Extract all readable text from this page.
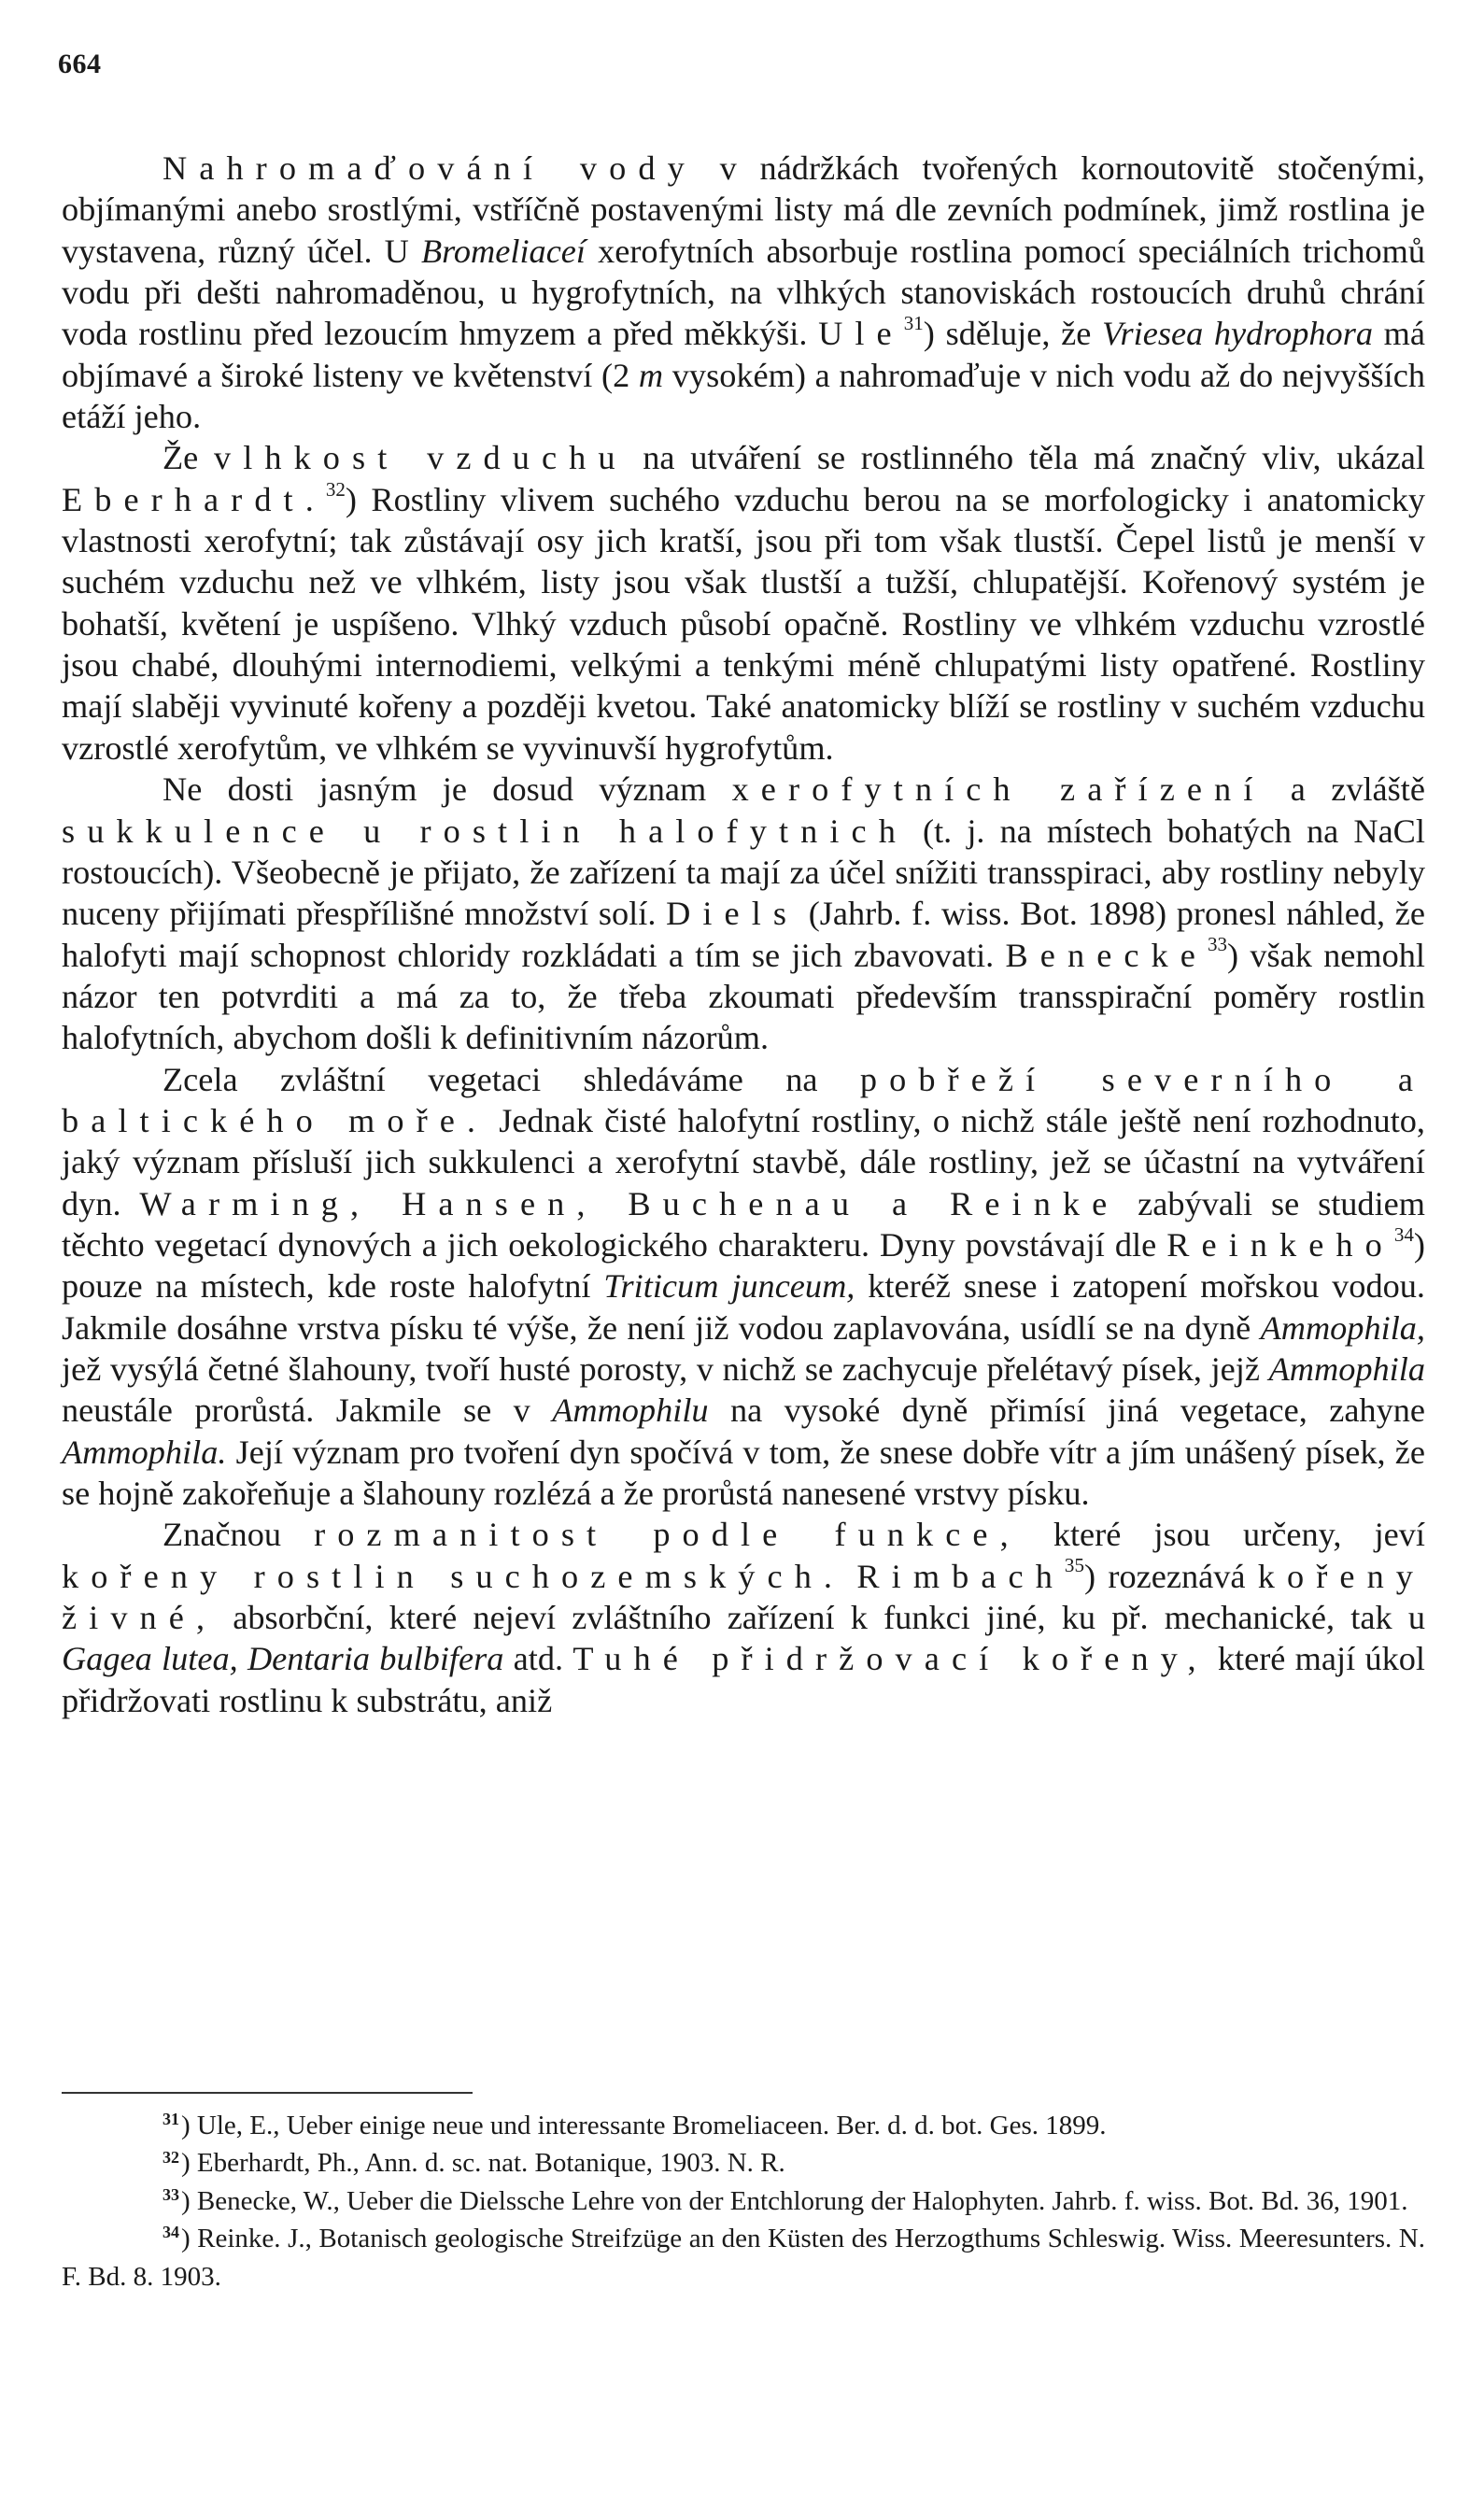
664

Nahromaďování vody v nádržkách tvořených kornoutovitě stočenými, objímanými anebo srostlými, vstříčně postavenými listy má dle zevních podmínek, jimž rostlina je vystavena, různý účel. U Bromeliaceí xerofytních absorbuje rostlina pomocí speciálních trichomů vodu při dešti nahromaděnou, u hygrofytních, na vlhkých stanoviskách rostoucích druhů chrání voda rostlinu před lezoucím hmyzem a před měkkýši. Ule$^{31}$) sděluje, že Vriesea hydrophora má objímavé a široké listeny ve květenství (2 m vysokém) a nahromaďuje v nich vodu až do nejvyšších etáží jeho.

Že vlhkost vzduchu na utváření se rostlinného těla má značný vliv, ukázal Eberhardt.$^{32}$) Rostliny vlivem suchého vzduchu berou na se morfologicky i anatomicky vlastnosti xerofytní; tak zůstávají osy jich kratší, jsou při tom však tlustší. Čepel listů je menší v suchém vzduchu než ve vlhkém, listy jsou však tlustší a tužší, chlupatější. Kořenový systém je bohatší, květení je uspíšeno. Vlhký vzduch působí opačně. Rostliny ve vlhkém vzduchu vzrostlé jsou chabé, dlouhými internodiemi, velkými a tenkými méně chlupatými listy opatřené. Rostliny mají slaběji vyvinuté kořeny a později kvetou. Také anatomicky blíží se rostliny v suchém vzduchu vzrostlé xerofytům, ve vlhkém se vyvinuvší hygrofytům.

Ne dosti jasným je dosud význam xerofytních zařízení a zvláště sukkulence u rostlin halofytnich (t. j. na místech bohatých na NaCl rostoucích). Všeobecně je přijato, že zařízení ta mají za účel snížiti transspiraci, aby rostliny nebyly nuceny přijímati přespřílišné množství solí. Diels (Jahrb. f. wiss. Bot. 1898) pronesl náhled, že halofyti mají schopnost chloridy rozkládati a tím se jich zbavovati. Benecke$^{33}$) však nemohl názor ten potvrditi a má za to, že třeba zkoumati především transspirační poměry rostlin halofytních, abychom došli k definitivním názorům.

Zcela zvláštní vegetaci shledáváme na pobřeží severního a baltického moře. Jednak čisté halofytní rostliny, o nichž stále ještě není rozhodnuto, jaký význam přísluší jich sukkulenci a xerofytní stavbě, dále rostliny, jež se účastní na vytváření dyn. Warming, Hansen, Buchenau a Reinke zabývali se studiem těchto vegetací dynových a jich oekologického charakteru. Dyny povstávají dle Reinkeho$^{34}$) pouze na místech, kde roste halofytní Triticum junceum, kteréž snese i zatopení mořskou vodou. Jakmile dosáhne vrstva písku té výše, že není již vodou zaplavována, usídlí se na dyně Ammophila, jež vysýlá četné šlahouny, tvoří husté porosty, v nichž se zachycuje přelétavý písek, jejž Ammophila neustále prorůstá. Jakmile se v Ammophilu na vysoké dyně přimísí jiná vegetace, zahyne Ammophila. Její význam pro tvoření dyn spočívá v tom, že snese dobře vítr a jím unášený písek, že se hojně zakořeňuje a šlahouny rozlézá a že prorůstá nanesené vrstvy písku.

Značnou rozmanitost podle funkce, které jsou určeny, jeví kořeny rostlin suchozemských. Rimbach$^{35}$) rozeznává kořeny živné, absorbční, které nejeví zvláštního zařízení k funkci jiné, ku př. mechanické, tak u Gagea lutea, Dentaria bulbifera atd. Tuhé přidržovací kořeny, které mají úkol přidržovati rostlinu k substrátu, aniž

$^{31}$) Ule, E., Ueber einige neue und interessante Bromeliaceen. Ber. d. d. bot. Ges. 1899.

$^{32}$) Eberhardt, Ph., Ann. d. sc. nat. Botanique, 1903. N. R.

$^{33}$) Benecke, W., Ueber die Dielssche Lehre von der Entchlorung der Halophyten. Jahrb. f. wiss. Bot. Bd. 36, 1901.

$^{34}$) Reinke. J., Botanisch geologische Streifzüge an den Küsten des Herzogthums Schleswig. Wiss. Meeresunters. N. F. Bd. 8. 1903.
